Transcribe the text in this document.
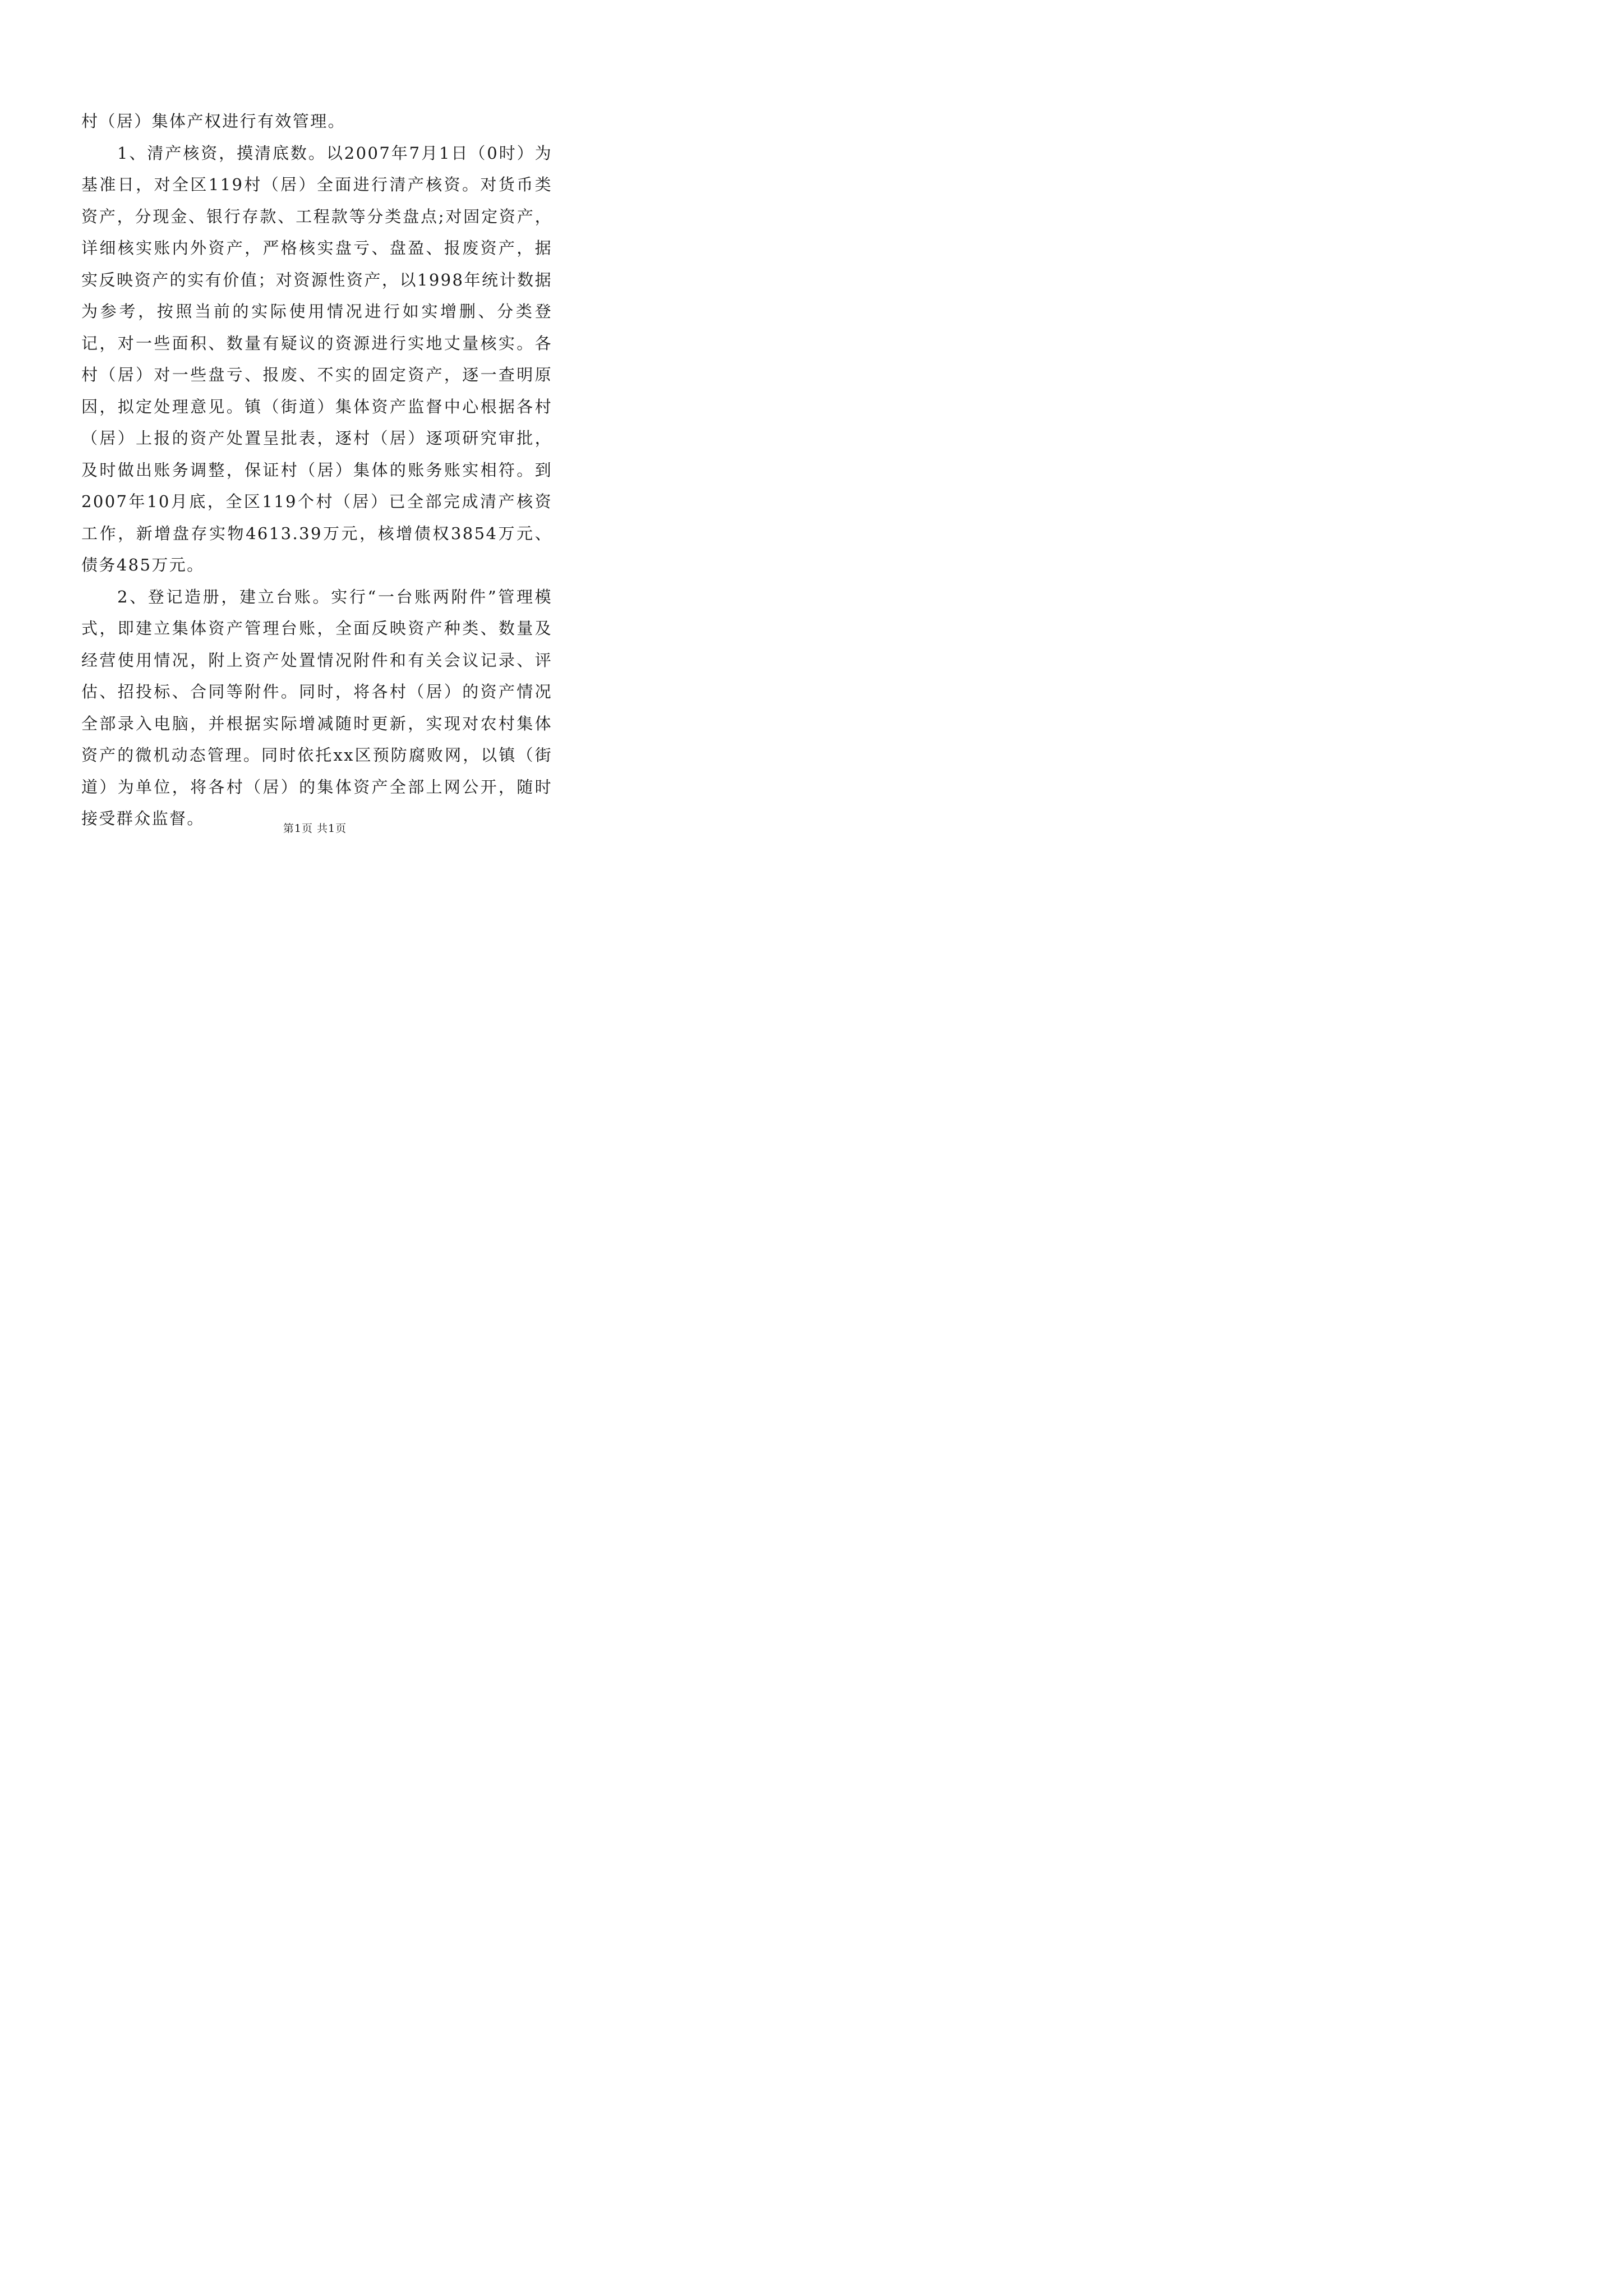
村（居）集体产权进行有效管理。

1、清产核资，摸清底数。以2007年7月1日（0时）为基准日，对全区119村（居）全面进行清产核资。对货币类资产，分现金、银行存款、工程款等分类盘点;对固定资产，详细核实账内外资产，严格核实盘亏、盘盈、报废资产，据实反映资产的实有价值；对资源性资产，以1998年统计数据为参考，按照当前的实际使用情况进行如实增删、分类登记，对一些面积、数量有疑议的资源进行实地丈量核实。各村（居）对一些盘亏、报废、不实的固定资产，逐一查明原因，拟定处理意见。镇（街道）集体资产监督中心根据各村（居）上报的资产处置呈批表，逐村（居）逐项研究审批，及时做出账务调整，保证村（居）集体的账务账实相符。到2007年10月底，全区119个村（居）已全部完成清产核资工作，新增盘存实物4613.39万元，核增债权3854万元、债务485万元。

2、登记造册，建立台账。实行“一台账两附件”管理模式，即建立集体资产管理台账，全面反映资产种类、数量及经营使用情况，附上资产处置情况附件和有关会议记录、评估、招投标、合同等附件。同时，将各村（居）的资产情况全部录入电脑，并根据实际增减随时更新，实现对农村集体资产的微机动态管理。同时依托xx区预防腐败网，以镇（街道）为单位，将各村（居）的集体资产全部上网公开，随时接受群众监督。

第1页 共1页
